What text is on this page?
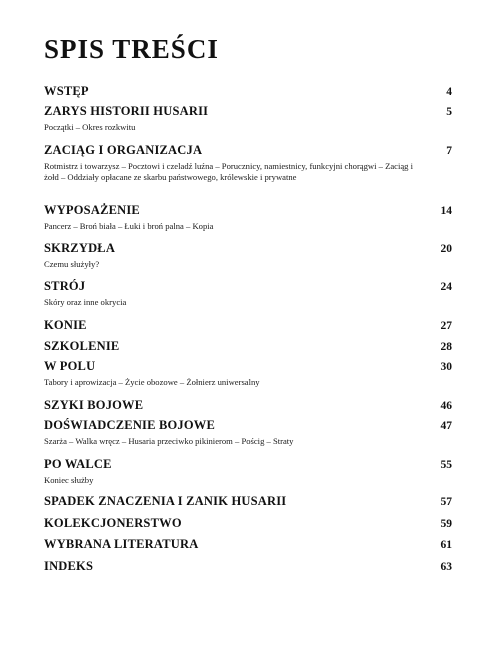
SPIS TREŚCI
WSTĘP	4
ZARYS HISTORII HUSARII	5
Początki – Okres rozkwitu
ZACIĄG I ORGANIZACJA	7
Rotmistrz i towarzysz – Pocztowi i czeladź luźna – Porucznicy, namiestnicy, funkcyjni chorągwi – Zaciąg i żołd – Oddziały opłacane ze skarbu państwowego, królewskie i prywatne
WYPOSAŻENIE	14
Pancerz – Broń biała – Łuki i broń palna – Kopia
SKRZYDŁA	20
Czemu służyły?
STRÓJ	24
Skóry oraz inne okrycia
KONIE	27
SZKOLENIE	28
W POLU	30
Tabory i aprowizacja – Życie obozowe – Żołnierz uniwersalny
SZYKI BOJOWE	46
DOŚWIADCZENIE BOJOWE	47
Szarża – Walka wręcz – Husaria przeciwko pikinierom – Pościg – Straty
PO WALCE	55
Koniec służby
SPADEK ZNACZENIA I ZANIK HUSARII	57
KOLEKCJONERSTWO	59
WYBRANA LITERATURA	61
INDEKS	63
